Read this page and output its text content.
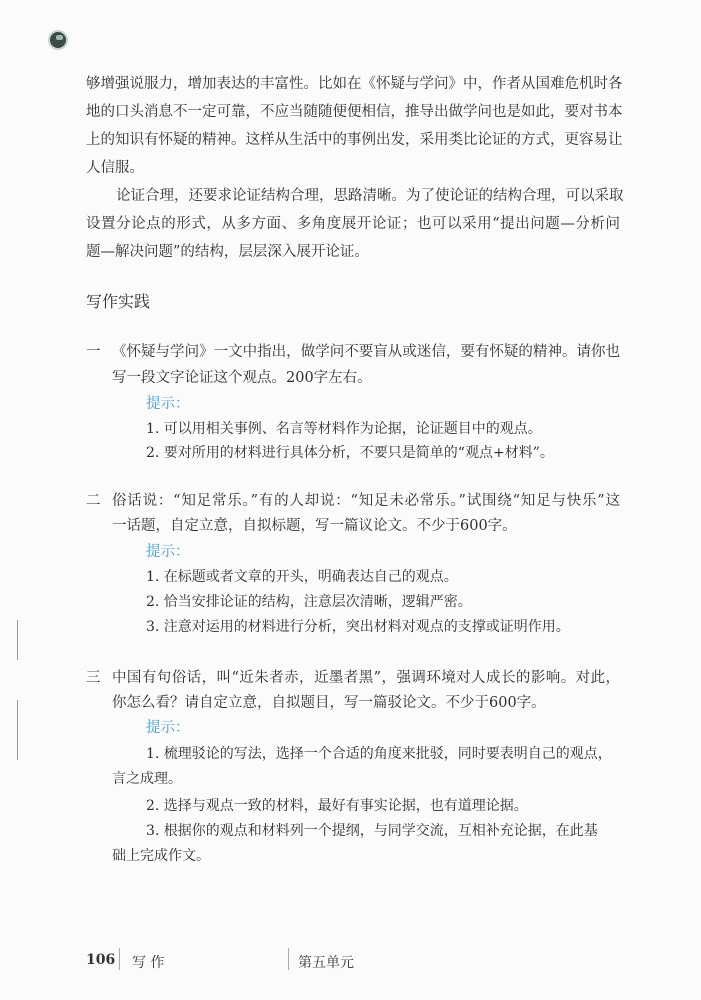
够增强说服力，增加表达的丰富性。比如在《怀疑与学问》中，作者从国难危机时各
地的口头消息不一定可靠，不应当随随便便相信，推导出做学问也是如此，要对书本
上的知识有怀疑的精神。这样从生活中的事例出发，采用类比论证的方式，更容易让
人信服。
论证合理，还要求论证结构合理，思路清晰。为了使论证的结构合理，可以采取
设置分论点的形式，从多方面、多角度展开论证；也可以采用“提出问题—分析问
题—解决问题”的结构，层层深入展开论证。
写作实践
一 《怀疑与学问》一文中指出，做学问不要盲从或迷信，要有怀疑的精神。请你也
写一段文字论证这个观点。200字左右。
提示：
1. 可以用相关事例、名言等材料作为论据，论证题目中的观点。
2. 要对所用的材料进行具体分析，不要只是简单的“观点+材料”。
二 俗话说：“知足常乐。”有的人却说：“知足未必常乐。”试围绕“知足与快乐”这
一话题，自定立意，自拟标题，写一篇议论文。不少于600字。
提示：
1. 在标题或者文章的开头，明确表达自己的观点。
2. 恰当安排论证的结构，注意层次清晰，逻辑严密。
3. 注意对运用的材料进行分析，突出材料对观点的支撑或证明作用。
三 中国有句俗话，叫“近朱者赤，近墨者黑”，强调环境对人成长的影响。对此，
你怎么看？请自定立意，自拟题目，写一篇驳论文。不少于600字。
提示：
1. 梳理驳论的写法，选择一个合适的角度来批驳，同时要表明自己的观点，
言之成理。
2. 选择与观点一致的材料，最好有事实论据，也有道理论据。
3. 根据你的观点和材料列一个提纲，与同学交流，互相补充论据，在此基
础上完成作文。
106 写 作	第五单元
